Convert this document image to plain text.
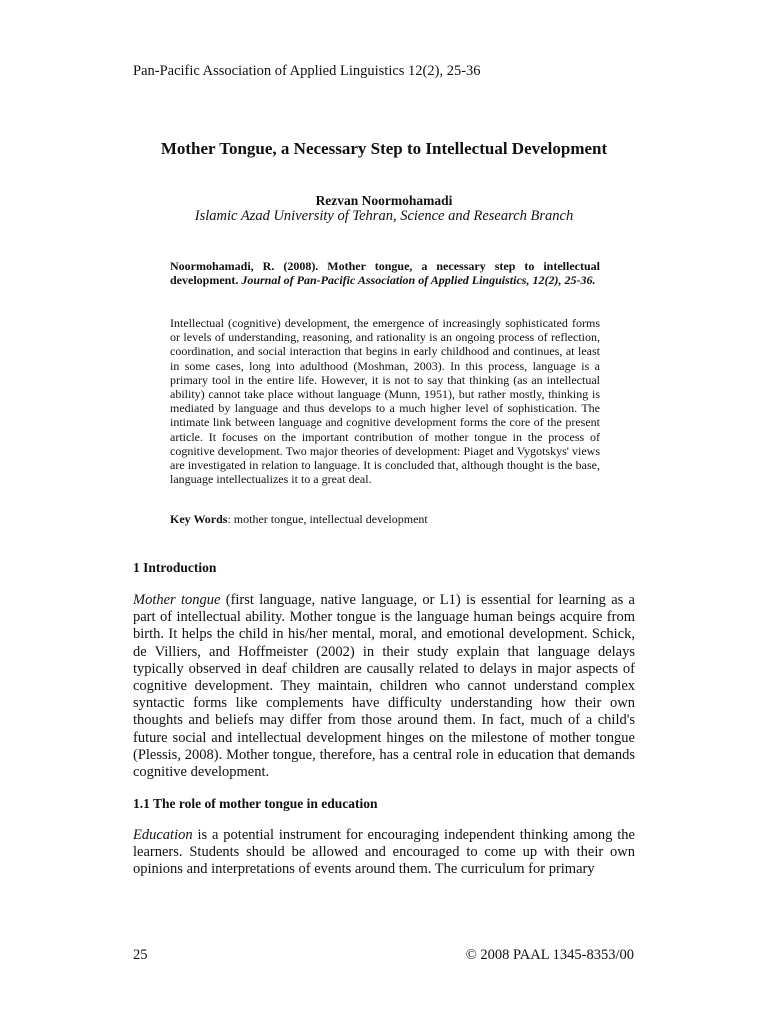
Pan-Pacific Association of Applied Linguistics 12(2), 25-36
Mother Tongue, a Necessary Step to Intellectual Development
Rezvan Noormohamadi
Islamic Azad University of Tehran, Science and Research Branch
Noormohamadi, R. (2008). Mother tongue, a necessary step to intellectual development. Journal of Pan-Pacific Association of Applied Linguistics, 12(2), 25-36.
Intellectual (cognitive) development, the emergence of increasingly sophisticated forms or levels of understanding, reasoning, and rationality is an ongoing process of reflection, coordination, and social interaction that begins in early childhood and continues, at least in some cases, long into adulthood (Moshman, 2003). In this process, language is a primary tool in the entire life. However, it is not to say that thinking (as an intellectual ability) cannot take place without language (Munn, 1951), but rather mostly, thinking is mediated by language and thus develops to a much higher level of sophistication. The intimate link between language and cognitive development forms the core of the present article. It focuses on the important contribution of mother tongue in the process of cognitive development. Two major theories of development: Piaget and Vygotskys' views are investigated in relation to language. It is concluded that, although thought is the base, language intellectualizes it to a great deal.
Key Words: mother tongue, intellectual development
1 Introduction
Mother tongue (first language, native language, or L1) is essential for learning as a part of intellectual ability. Mother tongue is the language human beings acquire from birth. It helps the child in his/her mental, moral, and emotional development. Schick, de Villiers, and Hoffmeister (2002) in their study explain that language delays typically observed in deaf children are causally related to delays in major aspects of cognitive development. They maintain, children who cannot understand complex syntactic forms like complements have difficulty understanding how their own thoughts and beliefs may differ from those around them. In fact, much of a child's future social and intellectual development hinges on the milestone of mother tongue (Plessis, 2008). Mother tongue, therefore, has a central role in education that demands cognitive development.
1.1 The role of mother tongue in education
Education is a potential instrument for encouraging independent thinking among the learners. Students should be allowed and encouraged to come up with their own opinions and interpretations of events around them. The curriculum for primary
25	© 2008 PAAL 1345-8353/00
